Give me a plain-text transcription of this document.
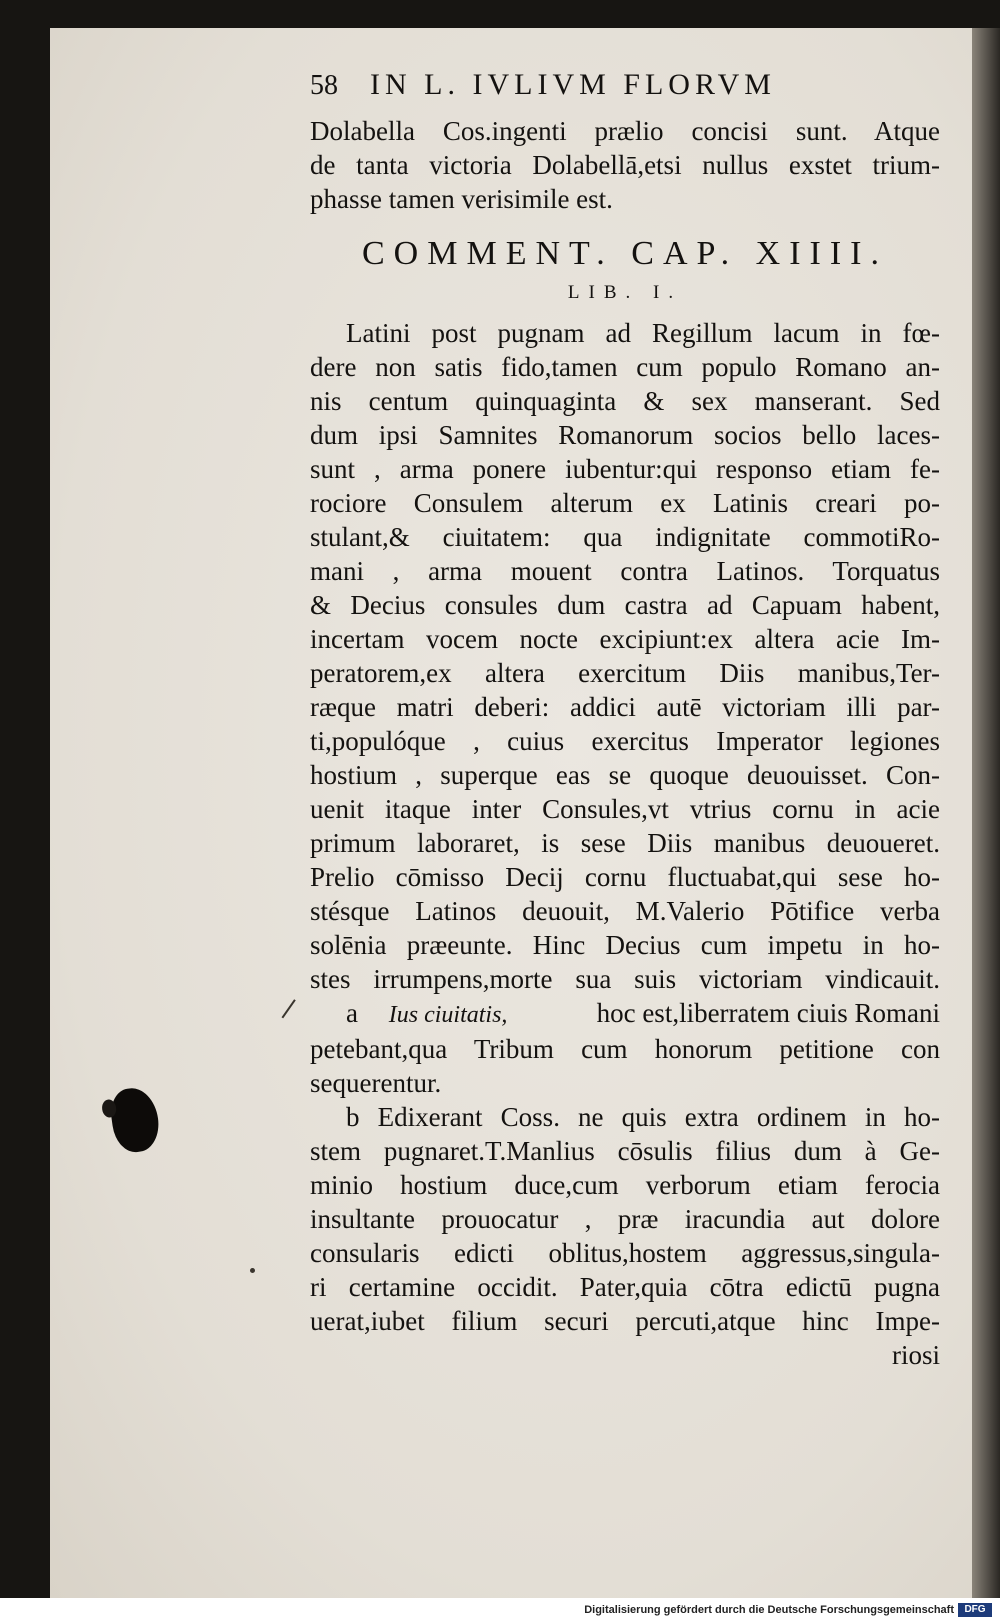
58	IN L. IVLIVM FLORVM
Dolabella Cos.ingenti prælio concisi sunt. Atque
de tanta victoria Dolabellā,etsi nullus exstet trium-
phasse tamen verisimile est.
COMMENT. CAP. XIIII.
LIB. I.
Latini post pugnam ad Regillum lacum in fœ-
dere non satis fido,tamen cum populo Romano an-
nis centum quinquaginta & sex manserant. Sed
dum ipsi Samnites Romanorum socios bello laces-
sunt , arma ponere iubentur:qui responso etiam fe-
rociore Consulem alterum ex Latinis creari po-
stulant,& ciuitatem: qua indignitate commotiRo-
mani , arma mouent contra Latinos. Torquatus
& Decius consules dum castra ad Capuam habent,
incertam vocem nocte excipiunt:ex altera acie Im-
peratorem,ex altera exercitum Diis manibus,Ter-
ræque matri deberi: addici autē victoriam illi par-
ti,populóque , cuius exercitus Imperator legiones
hostium , superque eas se quoque deuouisset. Con-
uenit itaque inter Consules,vt vtrius cornu in acie
primum laboraret, is sese Diis manibus deuoueret.
Prelio cōmisso Decij cornu fluctuabat,qui sese ho-
stésque Latinos deuouit, M.Valerio Pōtifice verba
solēnia præeunte. Hinc Decius cum impetu in ho-
stes irrumpens,morte sua suis victoriam vindicauit.
a Ius ciuitatis,	hoc est,liberratem ciuis Romani
petebant,qua Tribum cum honorum petitione con
sequerentur.
b Edixerant Coss. ne quis extra ordinem in ho-
stem pugnaret.T.Manlius cōsulis filius dum à Ge-
minio hostium duce,cum verborum etiam ferocia
insultante prouocatur , præ iracundia aut dolore
consularis edicti oblitus,hostem aggressus,singula-
ri certamine occidit. Pater,quia cōtra edictū pugna
uerat,iubet filium securi percuti,atque hinc Impe-
riosi
Digitalisierung gefördert durch die Deutsche Forschungsgemeinschaft	DFG
